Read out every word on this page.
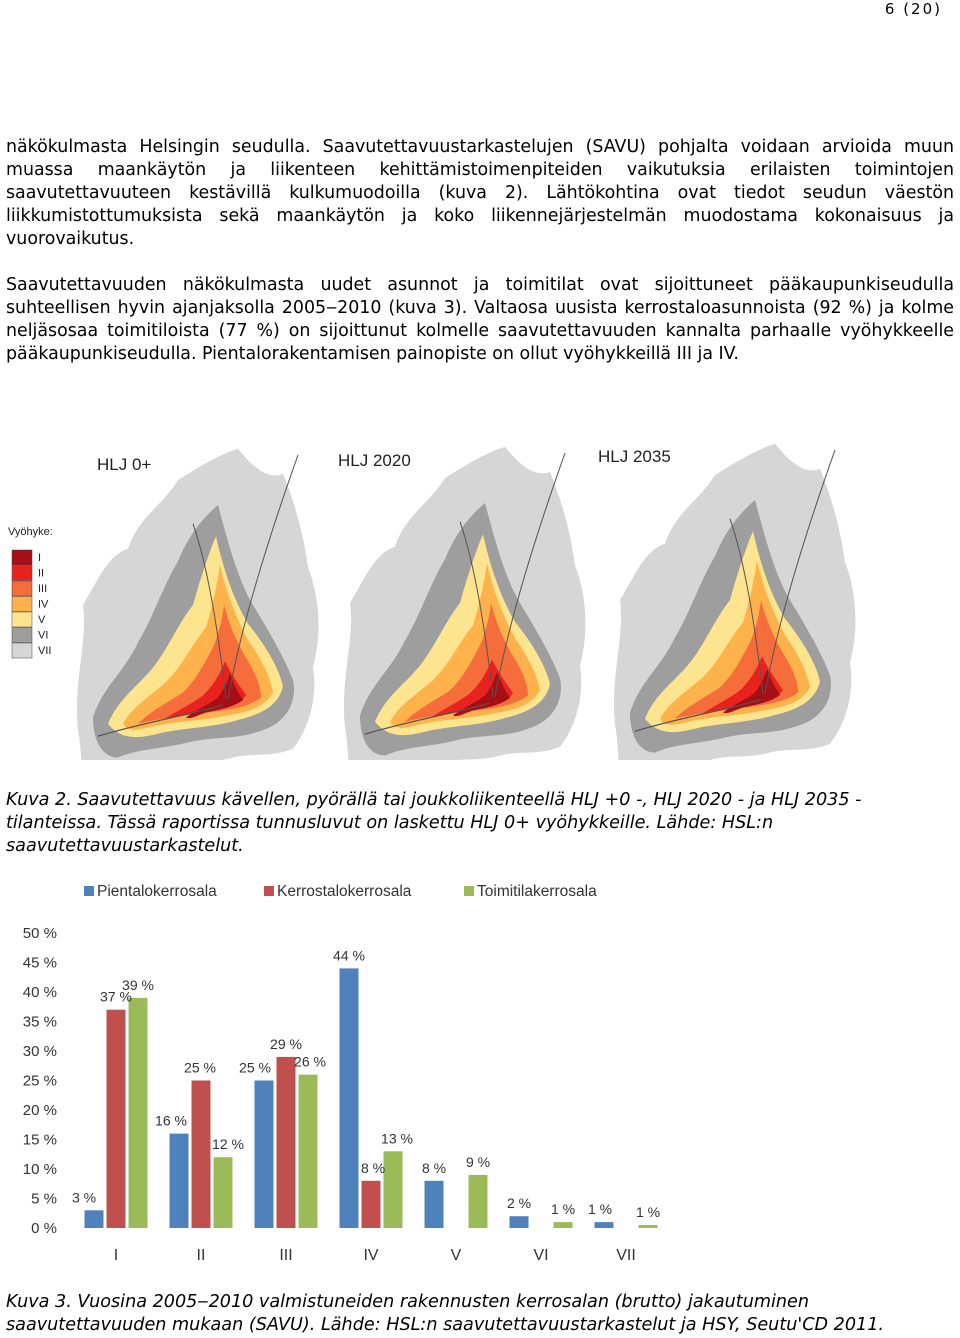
6 (20)

näkökulmasta Helsingin seudulla. Saavutettavuustarkastelujen (SAVU) pohjalta voidaan arvioida muun muassa maankäytön ja liikenteen kehittämistoimenpiteiden vaikutuksia erilaisten toimintojen saavutettavuuteen kestävillä kulkumuodoilla (kuva 2). Lähtökohtina ovat tiedot seudun väestön liikkumistottumuksista sekä maankäytön ja koko liikennejärjestelmän muodostama kokonaisuus ja vuorovaikutus.

Saavutettavuuden näkökulmasta uudet asunnot ja toimitilat ovat sijoittuneet pääkaupunkiseudulla suhteellisen hyvin ajanjaksolla 2005‒2010 (kuva 3). Valtaosa uusista kerrostaloasunnoista (92 %) ja kolme neljäsosaa toimitiloista (77 %) on sijoittunut kolmelle saavutettavuuden kannalta parhaalle vyöhykkeelle pääkaupunkiseudulla. Pientalorakentamisen painopiste on ollut vyöhykkeillä III ja IV.

HLJ 0+	HLJ 2020	HLJ 2035
Vyöhyke:
I
II
III
IV
V
VI
VII

Kuva 2. Saavutettavuus kävellen, pyörällä tai joukkoliikenteellä HLJ +0 -, HLJ 2020 - ja HLJ 2035 -tilanteissa. Tässä raportissa tunnusluvut on laskettu HLJ 0+ vyöhykkeille. Lähde: HSL:n saavutettavuustarkastelut.

Pientalokerrosala	Kerrostalokerrosala	Toimitilakerrosala
0 %
5 %
10 %
15 %
20 %
25 %
30 %
35 %
40 %
45 %
50 %
3 %
37 %
39 %
16 %
25 %
12 %
25 %
29 %
26 %
44 %
8 %
13 %
8 % 9 %
2 % 1 % 1 % 1 %
I	II	III	IV	V	VI	VII

Kuva 3. Vuosina 2005‒2010 valmistuneiden rakennusten kerrosalan (brutto) jakautuminen saavutettavuuden mukaan (SAVU). Lähde: HSL:n saavutettavuustarkastelut ja HSY, Seutu'CD 2011.
